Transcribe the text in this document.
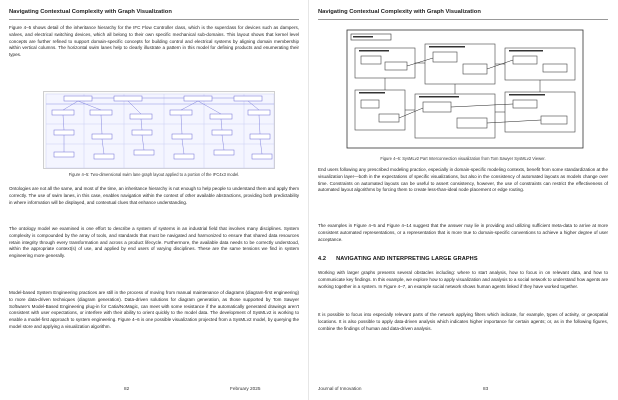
Navigating Contextual Complexity with Graph Visualization

Figure 4–5 shows detail of the inheritance hierarchy for the IFC Flow Controller class, which is the superclass for devices such as dampers, valves, and electrical switching devices, which all belong to their own specific mechanical sub-domains. This layout shows that kernel level concepts are further refined to support domain-specific concepts for building control and electrical systems by aligning domain membership within vertical columns. The horizontal swim lanes help to clearly illustrate a pattern in this model for defining products and enumerating their types.

Figure 4–5: Two-dimensional swim lane graph layout applied to a portion of the IFC4x3 model.

Ontologies are not all the same, and most of the time, an inheritance hierarchy is not enough to help people to understand them and apply them correctly. The use of swim lanes, in this case, enables navigation within the context of other available abstractions, providing both predictability in where information will be displayed, and contextual clues that enhance understanding.

The ontology model we examined is one effort to describe a system of systems in an industrial field that involves many disciplines. System complexity is compounded by the array of tools, and standards that must be navigated and harmonized to ensure that shared data resources retain integrity through every transformation and across a product lifecycle. Furthermore, the available data needs to be correctly understood, within the appropriate context(s) of use, and applied by end users of varying disciplines. These are the same tensions we find in system engineering more generally.

Model-based System Engineering practices are still in the process of moving from manual maintenance of diagrams (diagram-first engineering) to more data-driven techniques (diagram generation). Data-driven solutions for diagram generation, as those supported by Tom Sawyer Software's Model-Based Engineering plug-in for Catia/NoMagic, can meet with some resistance if the automatically generated drawings aren't consistent with user expectations, or interfere with their ability to orient quickly to the model data. The development of SysMLv2 is working to enable a model-first approach to system engineering. Figure 4–6 is one possible visualization projected from a SysMLv2 model, by querying the model store and applying a visualization algorithm.

82	February 2025
Navigating Contextual Complexity with Graph Visualization
Figure 4–6: SysMLv2 Part Interconnection visualization from Tom Sawyer SysMLv2 Viewer.

End users following any prescribed modeling practice, especially in domain-specific modeling contexts, benefit from some standardization at the visualization layer—both in the expectations of specific visualizations, but also in the consistency of automated layouts as models change over time. Constraints on automated layouts can be useful to assert consistency, however, the use of constraints can restrict the effectiveness of automated layout algorithms by forcing them to create less-than-ideal node placement or edge routing.

The examples in Figure 4–5 and Figure 4–14 suggest that the answer may lie in providing and utilizing sufficient meta-data to arrive at more consistent automated representations, or a representation that is more true to domain-specific conventions to achieve a higher degree of user acceptance.

4.2 NAVIGATING AND INTERPRETING LARGE GRAPHS

Working with larger graphs presents several obstacles including: where to start analysis, how to focus in on relevant data, and how to communicate key findings. In this example, we explore how to apply visualization and analysis to a social network to understand how agents are working together in a system. In Figure 4–7, an example social network shows human agents linked if they have worked together.

It is possible to focus into especially relevant parts of the network applying filters which indicate, for example, types of activity, or geospatial locations. It is also possible to apply data-driven analysis which indicates higher importance for certain agents; or, as in the following figures, combine the findings of human and data-driven analysis.

Journal of Innovation	83
